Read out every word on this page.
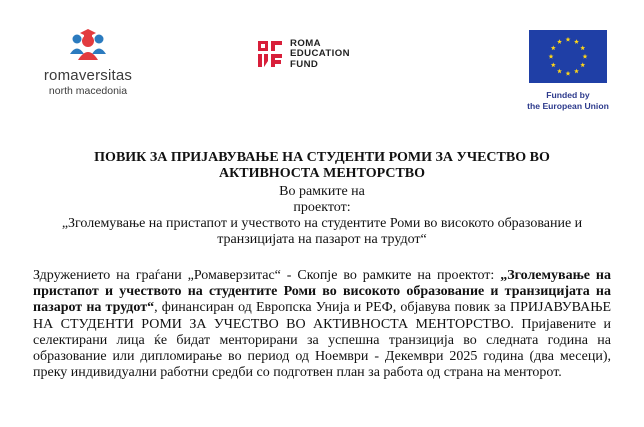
romaversitas
north macedonia
ROMA
EDUCATION
FUND
Funded by
the European Union
ПОВИК ЗА ПРИЈАВУВАЊЕ НА СТУДЕНТИ РОМИ ЗА УЧЕСТВО ВО
АКТИВНОСТА МЕНТОРСТВО
Во рамките на
проектот:
„Зголемување на пристапот и учеството на студентите Роми во високото образование и
транзицијата на пазарот на трудот“
Здружението на граѓани „Ромаверзитас“ - Скопје во рамките на проектот: „Зголемување на пристапот и учеството на студентите Роми во високото образование и транзицијата на пазарот на трудот“, финансиран од Европска Унија и РЕФ, објавува повик за ПРИЈАВУВАЊЕ НА СТУДЕНТИ РОМИ ЗА УЧЕСТВО ВО АКТИВНОСТА МЕНТОРСТВО. Пријавените и селектирани лица ќе бидат менторирани за успешна транзиција во следната година на образование или дипломирање во период од Ноември - Декември 2025 година (два месеци), преку индивидуални работни средби со подготвен план за работа од страна на менторот.
